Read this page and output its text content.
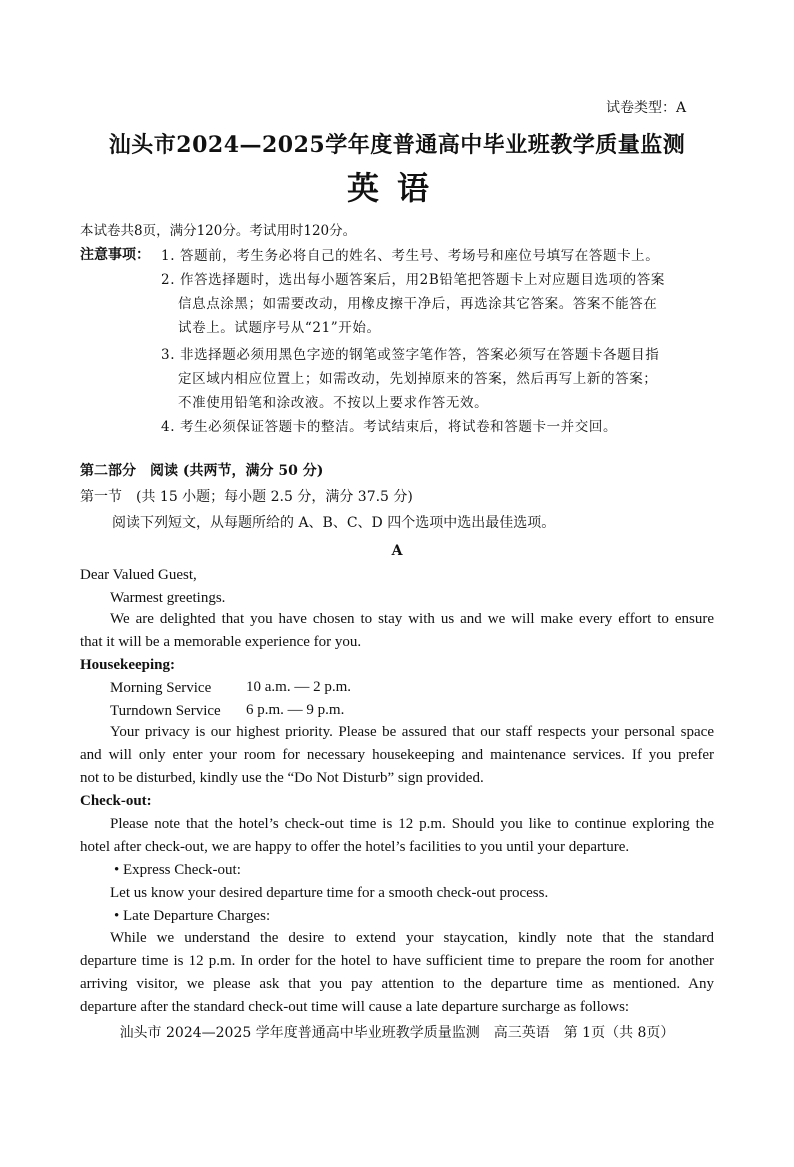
试卷类型：A
汕头市2024—2025学年度普通高中毕业班教学质量监测
英语
本试卷共8页，满分120分。考试用时120分。
注意事项： 1. 答题前，考生务必将自己的姓名、考生号、考场号和座位号填写在答题卡上。
2. 作答选择题时，选出每小题答案后，用2B铅笔把答题卡上对应题目选项的答案
信息点涂黑；如需要改动，用橡皮擦干净后，再选涂其它答案。答案不能答在
试卷上。试题序号从“21”开始。
3. 非选择题必须用黑色字迹的钢笔或签字笔作答，答案必须写在答题卡各题目指
定区域内相应位置上；如需改动，先划掉原来的答案，然后再写上新的答案；
不准使用铅笔和涂改液。不按以上要求作答无效。
4. 考生必须保证答题卡的整洁。考试结束后，将试卷和答题卡一并交回。
第二部分　阅读 (共两节，满分 50 分)
第一节　(共 15 小题；每小题 2.5 分，满分 37.5 分)
阅读下列短文，从每题所给的 A、B、C、D 四个选项中选出最佳选项。
A
Dear Valued Guest,
Warmest greetings.
We are delighted that you have chosen to stay with us and we will make every effort to ensure
that it will be a memorable experience for you.
Housekeeping:
Morning Service 10 a.m. — 2 p.m.
Turndown Service 6 p.m. — 9 p.m.
Your privacy is our highest priority. Please be assured that our staff respects your personal space
and will only enter your room for necessary housekeeping and maintenance services. If you prefer
not to be disturbed, kindly use the “Do Not Disturb” sign provided.
Check-out:
Please note that the hotel’s check-out time is 12 p.m. Should you like to continue exploring the
hotel after check-out, we are happy to offer the hotel’s facilities to you until your departure.
• Express Check-out:
Let us know your desired departure time for a smooth check-out process.
• Late Departure Charges:
While we understand the desire to extend your staycation, kindly note that the standard
departure time is 12 p.m. In order for the hotel to have sufficient time to prepare the room for another
arriving visitor, we please ask that you pay attention to the departure time as mentioned. Any
departure after the standard check-out time will cause a late departure surcharge as follows:
汕头市 2024—2025 学年度普通高中毕业班教学质量监测　高三英语　第 1页（共 8页）
